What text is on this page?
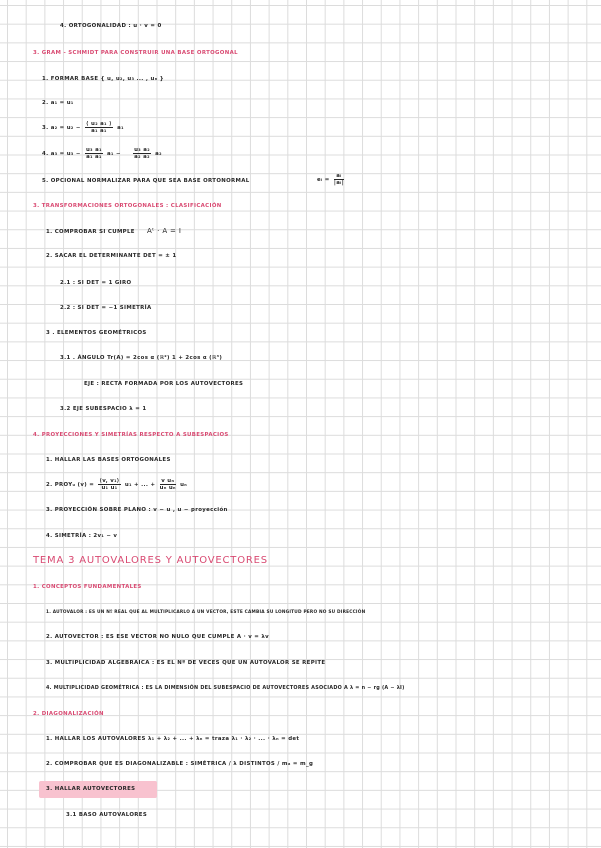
4. ORTOGONALIDAD : u · v = 0
3. GRAM - SCHMIDT PARA CONSTRUIR UNA BASE ORTOGONAL
1. FORMAR BASE { u, u₂, u₃ ... , uₙ }
2. a₁ = u₁
3. $a_2 = u_2 - \frac{\text{⟨ u₂ a₁ ⟩}}{\text{a₁ a₁}} a_1$
4. $a_3 = u_3 - \frac{\text{u₃ a₁}}{\text{a₁ a₁}} a_1 - \frac{\text{u₃ a₂}}{\text{a₂ a₂}} a_2$
5. OPCIONAL NORMALIZAR PARA QUE SEA BASE ORTONORMAL	eᵢ = $\frac{\text{aᵢ}}{\text{|aᵢ|}}$
3. TRANSFORMACIONES ORTOGONALES : CLASIFICACIÓN
1. COMPROBAR SI CUMPLE Aᵗ · A = I
2. SACAR EL DETERMINANTE DET = ± 1
2.1 : SI DET = 1 GIRO
2.2 : SI DET = −1 SIMETRÍA
3 . ELEMENTOS GEOMÉTRICOS
3.1 . ÁNGULO Tr(A) = 2cos α (ℝ²) 1 + 2cos α (ℝ³)
EJE : RECTA FORMADA POR LOS AUTOVECTORES
3.2 EJE SUBESPACIO λ = 1
4. PROYECCIONES Y SIMETRÍAS RESPECTO A SUBESPACIOS
1. HALLAR LAS BASES ORTOGONALES
2. PROYᵤ $(v) = \frac{\text{⟨v, v₁⟩}}{\text{u₁ u₁}} u_1$ + ... + $\frac{\text{v uₙ}}{\text{uₙ uₙ}}$ uₙ
3. PROYECCIÓN SOBRE PLANO : v − u , u − proyección
4. SIMETRÍA : 2v₁ − v
TEMA 3 AUTOVALORES Y AUTOVECTORES
1. CONCEPTOS FUNDAMENTALES
1. AUTOVALOR : ES UN Nº REAL QUE AL MULTIPLICARLO A UN VECTOR, ESTE CAMBIA SU LONGITUD PERO NO SU DIRECCIÓN
2. AUTOVECTOR : ES ESE VECTOR NO NULO QUE CUMPLE A · v = λv
3. MULTIPLICIDAD ALGEBRAICA : ES EL Nº DE VECES QUE UN AUTOVALOR SE REPITE
4. MULTIPLICIDAD GEOMÉTRICA : ES LA DIMENSIÓN DEL SUBESPACIO DE AUTOVECTORES ASOCIADO A λ = n − rg (A − λI)
2. DIAGONALIZACIÓN
1. HALLAR LOS AUTOVALORES λ₁ + λ₂ + ... + λₙ = traza λ₁ · λ₂ · ... · λₙ = det
2. COMPROBAR QUE ES DIAGONALIZABLE : SIMÉTRICA / λ DISTINTOS / mₐ = m_g
3. HALLAR AUTOVECTORES
3.1 BASO AUTOVALORES
